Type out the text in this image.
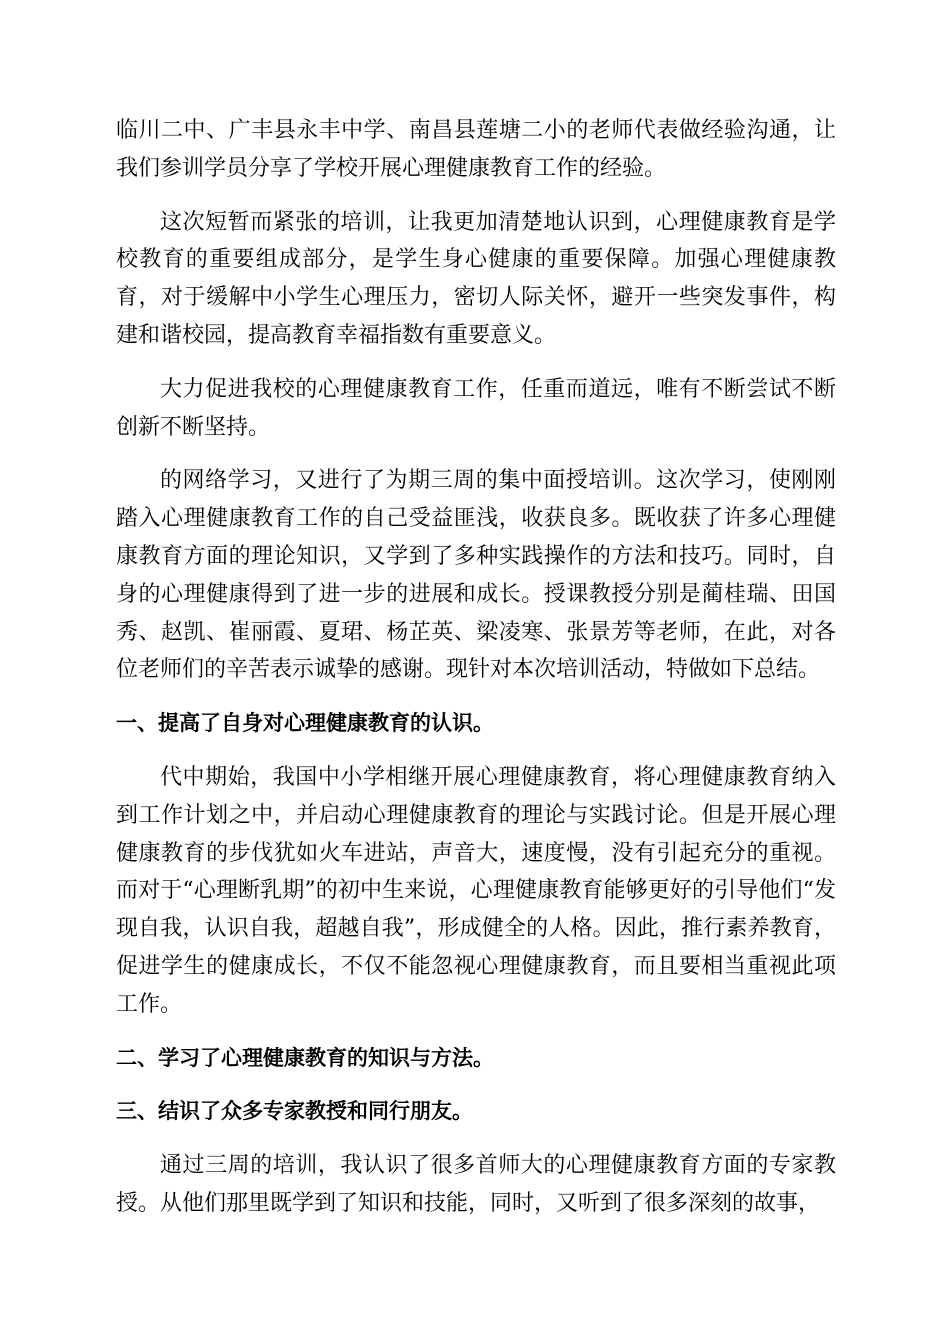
临川二中、广丰县永丰中学、南昌县莲塘二小的老师代表做经验沟通，让我们参训学员分享了学校开展心理健康教育工作的经验。

这次短暂而紧张的培训，让我更加清楚地认识到，心理健康教育是学校教育的重要组成部分，是学生身心健康的重要保障。加强心理健康教育，对于缓解中小学生心理压力，密切人际关怀，避开一些突发事件，构建和谐校园，提高教育幸福指数有重要意义。

大力促进我校的心理健康教育工作，任重而道远，唯有不断尝试不断创新不断坚持。

的网络学习，又进行了为期三周的集中面授培训。这次学习，使刚刚踏入心理健康教育工作的自己受益匪浅，收获良多。既收获了许多心理健康教育方面的理论知识，又学到了多种实践操作的方法和技巧。同时，自身的心理健康得到了进一步的进展和成长。授课教授分别是蔺桂瑞、田国秀、赵凯、崔丽霞、夏珺、杨芷英、梁凌寒、张景芳等老师，在此，对各位老师们的辛苦表示诚挚的感谢。现针对本次培训活动，特做如下总结。

一、提高了自身对心理健康教育的认识。

代中期始，我国中小学相继开展心理健康教育，将心理健康教育纳入到工作计划之中，并启动心理健康教育的理论与实践讨论。但是开展心理健康教育的步伐犹如火车进站，声音大，速度慢，没有引起充分的重视。而对于“心理断乳期”的初中生来说，心理健康教育能够更好的引导他们“发现自我，认识自我，超越自我”，形成健全的人格。因此，推行素养教育，促进学生的健康成长，不仅不能忽视心理健康教育，而且要相当重视此项工作。

二、学习了心理健康教育的知识与方法。

三、结识了众多专家教授和同行朋友。

通过三周的培训，我认识了很多首师大的心理健康教育方面的专家教授。从他们那里既学到了知识和技能，同时，又听到了很多深刻的故事，
